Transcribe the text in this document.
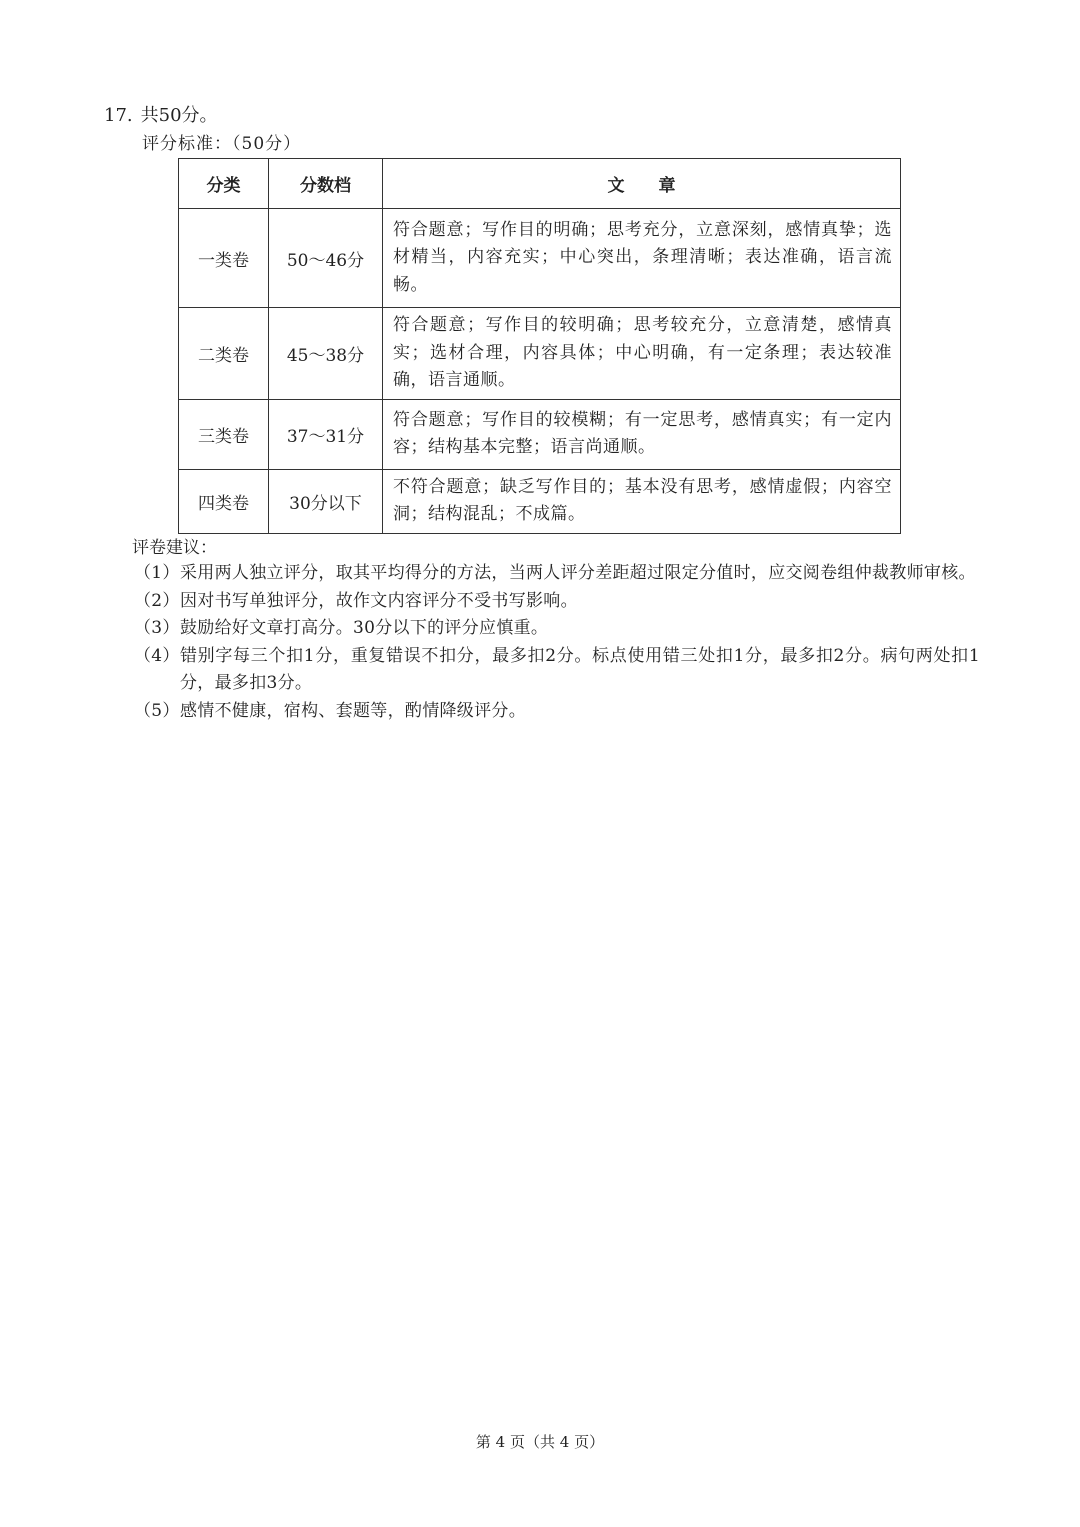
17. 共50分。
评分标准：（50分）
分类	分数档	文　　章
一类卷	50～46分	符合题意；写作目的明确；思考充分，立意深刻，感情真挚；选材精当，内容充实；中心突出，条理清晰；表达准确，语言流畅。
二类卷	45～38分	符合题意；写作目的较明确；思考较充分，立意清楚，感情真实；选材合理，内容具体；中心明确，有一定条理；表达较准确，语言通顺。
三类卷	37～31分	符合题意；写作目的较模糊；有一定思考，感情真实；有一定内容；结构基本完整；语言尚通顺。
四类卷	30分以下	不符合题意；缺乏写作目的；基本没有思考，感情虚假；内容空洞；结构混乱；不成篇。
评卷建议：
（1） 采用两人独立评分，取其平均得分的方法，当两人评分差距超过限定分值时，应交阅卷组仲裁教师审核。
（2） 因对书写单独评分，故作文内容评分不受书写影响。
（3） 鼓励给好文章打高分。30分以下的评分应慎重。
（4） 错别字每三个扣1分，重复错误不扣分，最多扣2分。标点使用错三处扣1分，最多扣2分。病句两处扣1分，最多扣3分。
（5） 感情不健康，宿构、套题等，酌情降级评分。
第 4 页（共 4 页）
